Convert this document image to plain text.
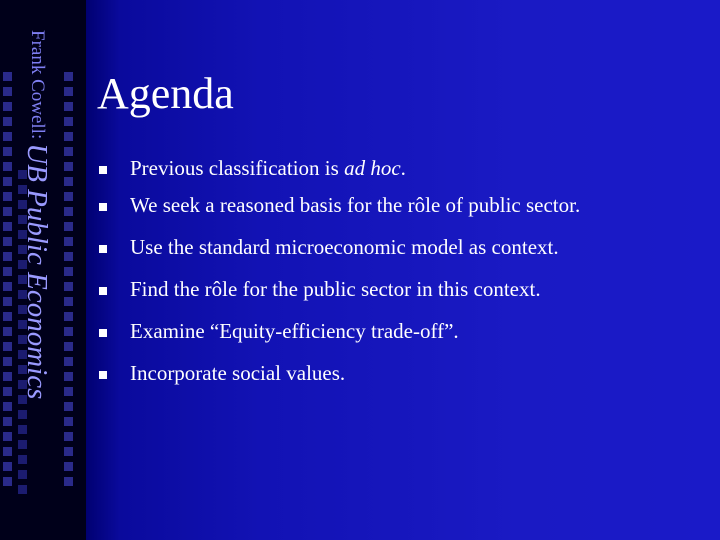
Frank Cowell: UB Public Economics
Agenda
Previous classification is ad hoc.
We seek a reasoned basis for the rôle of public sector.
Use the standard microeconomic model as context.
Find the rôle for the public sector in this context.
Examine “Equity-efficiency trade-off”.
Incorporate social values.
